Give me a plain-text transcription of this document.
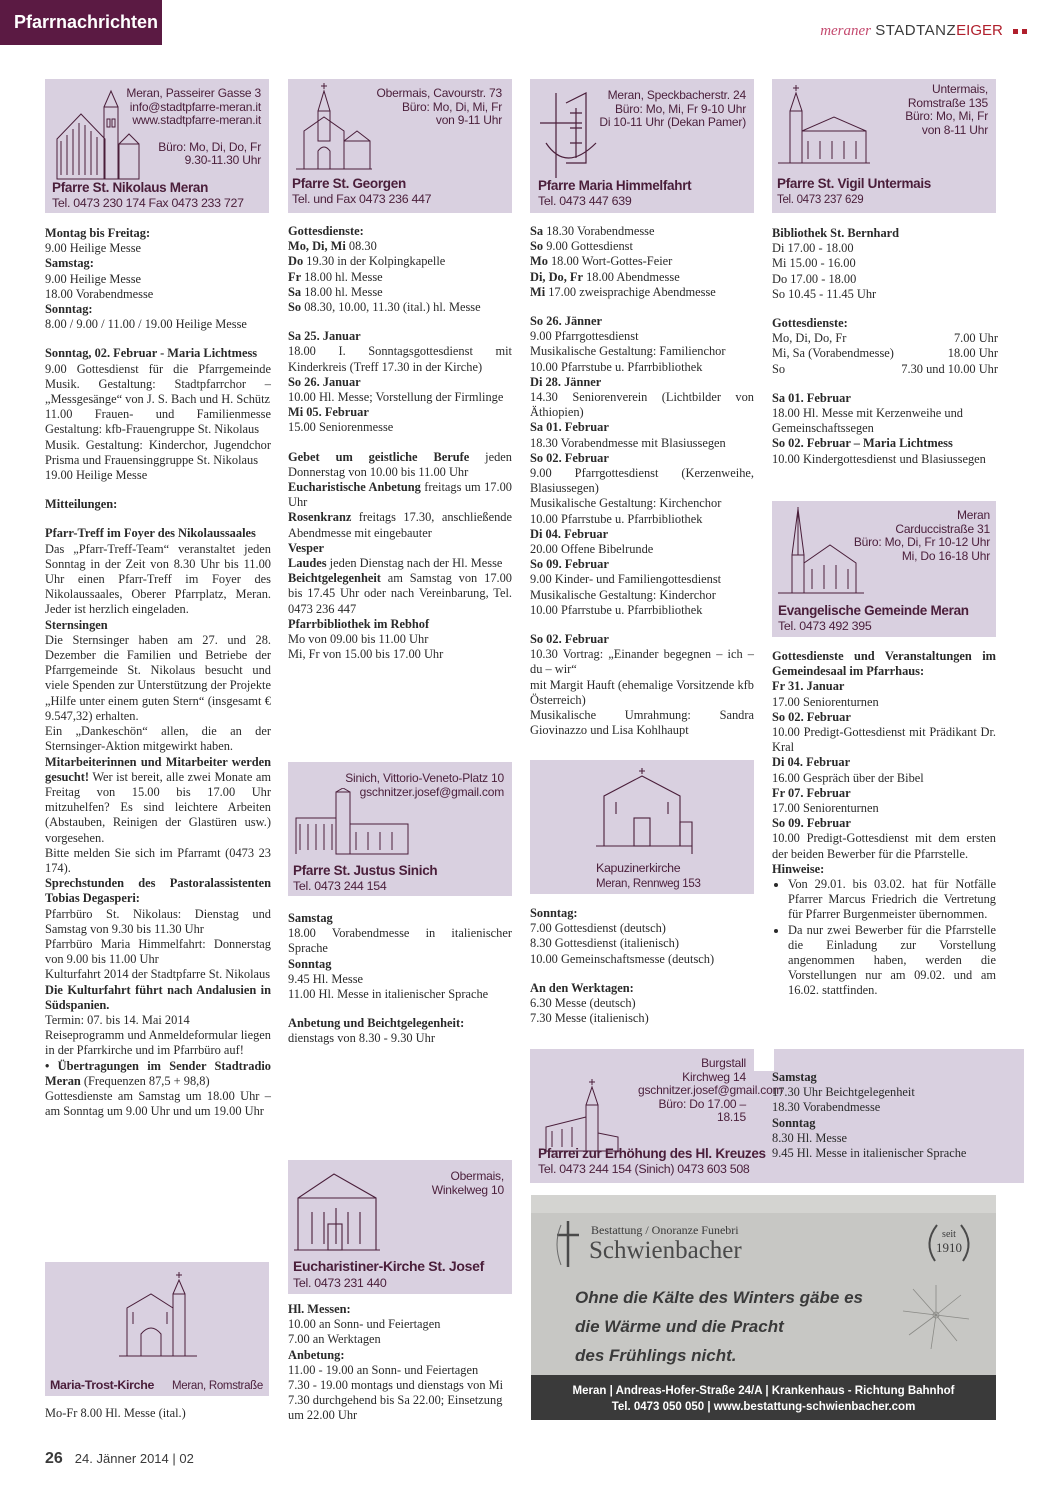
Pfarrnachrichten	meraner STADTANZEIGER
Meran, Passeirer Gasse 3
info@stadtpfarre-meran.it
www.stadtpfarre-meran.it
Büro: Mo, Di, Do, Fr
9.30-11.30 Uhr
Pfarre St. Nikolaus Meran
Tel. 0473 230 174 Fax 0473 233 727
Obermais, Cavourstr. 73
Büro: Mo, Di, Mi, Fr
von 9-11 Uhr
Pfarre St. Georgen
Tel. und Fax 0473 236 447
Meran, Speckbacherstr. 24
Büro: Mo, Mi, Fr 9-10 Uhr
Di 10-11 Uhr (Dekan Pamer)
Pfarre Maria Himmelfahrt
Tel. 0473 447 639
Untermais,
Romstraße 135
Büro: Mo, Mi, Fr
von 8-11 Uhr
Pfarre St. Vigil Untermais
Tel. 0473 237 629

Montag bis Freitag:

9.00 Heilige Messe

Samstag:

9.00 Heilige Messe

18.00 Vorabendmesse

Sonntag:

8.00 / 9.00 / 11.00 / 19.00 Heilige Messe

Sonntag, 02. Februar - Maria Lichtmess

9.00 Gottesdienst für die Pfarrgemeinde Musik. Gestaltung: Stadtpfarrchor – „Messgesänge“ von J. S. Bach und H. Schütz

11.00 Frauen- und Familienmesse Gestaltung: kfb-Frauengruppe St. Nikolaus

Musik. Gestaltung: Kinderchor, Jugendchor Prisma und Frauensinggruppe St. Nikolaus

19.00 Heilige Messe

Mitteilungen:

Pfarr-Treff im Foyer des Nikolaussaales

Das „Pfarr-Treff-Team“ veranstaltet jeden Sonntag in der Zeit von 8.30 Uhr bis 11.00 Uhr einen Pfarr-Treff im Foyer des Nikolaussaales, Oberer Pfarrplatz, Meran. Jeder ist herzlich eingeladen.

Sternsingen

Die Sternsinger haben am 27. und 28. Dezember die Familien und Betriebe der Pfarrgemeinde St. Nikolaus besucht und viele Spenden zur Unterstützung der Projekte „Hilfe unter einem guten Stern“ (insgesamt € 9.547,32) erhalten.

Ein „Dankeschön“ allen, die an der Sternsinger-Aktion mitgewirkt haben.

Mitarbeiterinnen und Mitarbeiter werden gesucht! Wer ist bereit, alle zwei Monate am Freitag von 15.00 bis 17.00 Uhr mitzuhelfen? Es sind leichtere Arbeiten (Abstauben, Reinigen der Glastüren usw.) vorgesehen.

Bitte melden Sie sich im Pfarramt (0473 23 174).

Sprechstunden des Pastoralassistenten Tobias Degasperi:

Pfarrbüro St. Nikolaus: Dienstag und Samstag von 9.30 bis 11.30 Uhr

Pfarrbüro Maria Himmelfahrt: Donnerstag von 9.00 bis 11.00 Uhr

Kulturfahrt 2014 der Stadtpfarre St. Nikolaus

Die Kulturfahrt führt nach Andalusien in Südspanien.

Termin: 07. bis 14. Mai 2014

Reiseprogramm und Anmeldeformular liegen in der Pfarrkirche und im Pfarrbüro auf!

• Übertragungen im Sender Stadtradio Meran (Frequenzen 87,5 + 98,8)

Gottesdienste am Samstag um 18.00 Uhr – am Sonntag um 9.00 Uhr und um 19.00 Uhr

Maria-Trost-Kirche Meran, Romstraße

Mo-Fr 8.00 Hl. Messe (ital.)

Gottesdienste:

Mo, Di, Mi 08.30

Do 19.30 in der Kolpingkapelle

Fr 18.00 hl. Messe

Sa 18.00 hl. Messe

So 08.30, 10.00, 11.30 (ital.) hl. Messe

Sa 25. Januar

18.00 I. Sonntagsgottesdienst mit Kinderkreis (Treff 17.30 in der Kirche)

So 26. Januar

10.00 Hl. Messe; Vorstellung der Firmlinge

Mi 05. Februar

15.00 Seniorenmesse

Gebet um geistliche Berufe jeden Donnerstag von 10.00 bis 11.00 Uhr

Eucharistische Anbetung freitags um 17.00 Uhr

Rosenkranz freitags 17.30, anschließende Abendmesse mit eingebauter

Vesper

Laudes jeden Dienstag nach der Hl. Messe

Beichtgelegenheit am Samstag von 17.00 bis 17.45 Uhr oder nach Vereinbarung, Tel. 0473 236 447

Pfarrbibliothek im Rebhof

Mo von 09.00 bis 11.00 Uhr

Mi, Fr von 15.00 bis 17.00 Uhr

Sinich, Vittorio-Veneto-Platz 10
gschnitzer.josef@gmail.com
Pfarre St. Justus Sinich
Tel. 0473 244 154

Samstag

18.00 Vorabendmesse in italienischer Sprache

Sonntag

9.45 Hl. Messe

11.00 Hl. Messe in italienischer Sprache

Anbetung und Beichtgelegenheit:

dienstags von 8.30 - 9.30 Uhr

Obermais,
Winkelweg 10
Eucharistiner-Kirche St. Josef
Tel. 0473 231 440

Hl. Messen:

10.00 an Sonn- und Feiertagen

7.00 an Werktagen

Anbetung:

11.00 - 19.00 an Sonn- und Feiertagen

7.30 - 19.00 montags und dienstags von Mi 7.30 durchgehend bis Sa 22.00; Einsetzung um 22.00 Uhr

Sa 18.30 Vorabendmesse

So 9.00 Gottesdienst

Mo 18.00 Wort-Gottes-Feier

Di, Do, Fr 18.00 Abendmesse

Mi 17.00 zweisprachige Abendmesse

So 26. Jänner

9.00 Pfarrgottesdienst

Musikalische Gestaltung: Familienchor

10.00 Pfarrstube u. Pfarrbibliothek

Di 28. Jänner

14.30 Seniorenverein (Lichtbilder von Äthiopien)

Sa 01. Februar

18.30 Vorabendmesse mit Blasiussegen

So 02. Februar

9.00 Pfarrgottesdienst (Kerzenweihe, Blasiussegen)

Musikalische Gestaltung: Kirchenchor

10.00 Pfarrstube u. Pfarrbibliothek

Di 04. Februar

20.00 Offene Bibelrunde

So 09. Februar

9.00 Kinder- und Familiengottesdienst

Musikalische Gestaltung: Kinderchor

10.00 Pfarrstube u. Pfarrbibliothek

So 02. Februar

10.30 Vortrag: „Einander begegnen – ich – du – wir“

mit Margit Hauft (ehemalige Vorsitzende kfb Österreich)

Musikalische Umrahmung: Sandra Giovinazzo und Lisa Kohlhaupt

Kapuzinerkirche
Meran, Rennweg 153

Sonntag:

7.00 Gottesdienst (deutsch)

8.30 Gottesdienst (italienisch)

10.00 Gemeinschaftsmesse (deutsch)

An den Werktagen:

6.30 Messe (deutsch)

7.30 Messe (italienisch)

Burgstall
Kirchweg 14
gschnitzer.josef@gmail.com
Büro: Do 17.00 – 18.15
Pfarrei zur Erhöhung des Hl. Kreuzes
Tel. 0473 244 154 (Sinich) 0473 603 508

Bibliothek St. Bernhard

Di 17.00 - 18.00

Mi 15.00 - 16.00

Do 17.00 - 18.00

So 10.45 - 11.45 Uhr

Gottesdienste:

Mo, Di, Do, Fr	7.00 Uhr

Mi, Sa (Vorabendmesse)	18.00 Uhr

So	7.30 und 10.00 Uhr

Sa 01. Februar

18.00 Hl. Messe mit Kerzenweihe und Gemeinschaftssegen

So 02. Februar – Maria Lichtmess

10.00 Kindergottesdienst und Blasiussegen

Meran
Carduccistraße 31
Büro: Mo, Di, Fr 10-12 Uhr
Mi, Do 16-18 Uhr
Evangelische Gemeinde Meran
Tel. 0473 492 395

Gottesdienste und Veranstaltungen im Gemeindesaal im Pfarrhaus:

Fr 31. Januar

17.00 Seniorenturnen

So 02. Februar

10.00 Predigt-Gottesdienst mit Prädikant Dr. Kral

Di 04. Februar

16.00 Gespräch über der Bibel

Fr 07. Februar

17.00 Seniorenturnen

So 09. Februar

10.00 Predigt-Gottesdienst mit dem ersten der beiden Bewerber für die Pfarrstelle.

Hinweise:

• Von 29.01. bis 03.02. hat für Notfälle Pfarrer Marcus Friedrich die Vertretung für Pfarrer Burgenmeister übernommen.
• Da nur zwei Bewerber für die Pfarrstelle die Einladung zur Vorstellung angenommen haben, werden die Vorstellungen nur am 09.02. und am 16.02. stattfinden.

Samstag

17.30 Uhr Beichtgelegenheit

18.30 Vorabendmesse

Sonntag

8.30 Hl. Messe

9.45 Hl. Messe in italienischer Sprache

Bestattung / Onoranze Funebri
Schwienbacher
seit
1910
Ohne die Kälte des Winters gäbe es
die Wärme und die Pracht
des Frühlings nicht.
Meran | Andreas-Hofer-Straße 24/A | Krankenhaus - Richtung Bahnhof
Tel. 0473 050 050 | www.bestattung-schwienbacher.com
26 24. Jänner 2014 | 02
